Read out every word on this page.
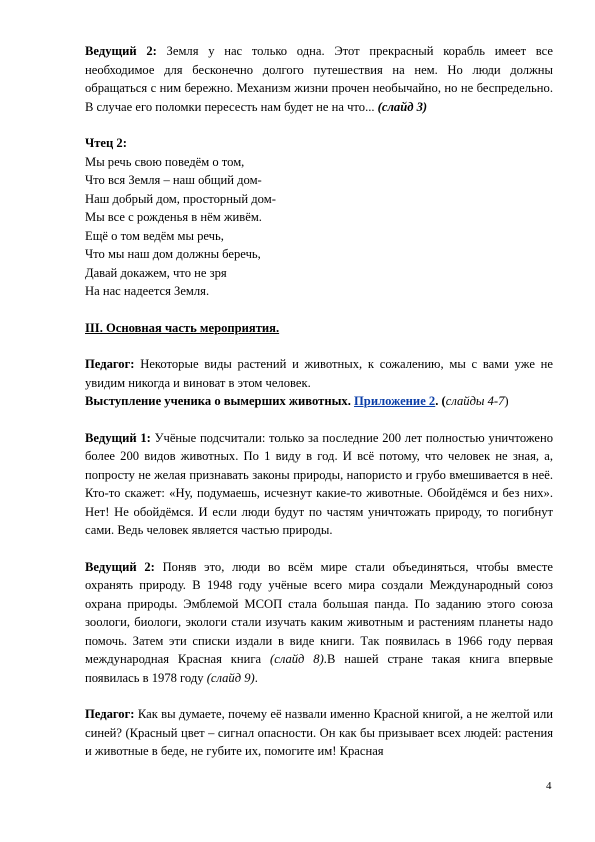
Ведущий 2: Земля у нас только одна. Этот прекрасный корабль имеет все необходимое для бесконечно долгого путешествия на нем. Но люди должны обращаться с ним бережно. Механизм жизни прочен необычайно, но не беспредельно. В случае его поломки пересесть нам будет не на что... (слайд 3)

Чтец 2:
Мы речь свою поведём о том,
Что вся Земля – наш общий дом-
Наш добрый дом, просторный дом-
Мы все с рожденья в нём живём.
Ещё о том ведём мы речь,
Что мы наш дом должны беречь,
Давай докажем, что не зря
На нас надеется Земля.

III. Основная часть мероприятия.

Педагог: Некоторые виды растений и животных, к сожалению, мы с вами уже не увидим никогда и виноват в этом человек.

Выступление ученика о вымерших животных. Приложение 2. (слайды 4-7)

Ведущий 1: Учёные подсчитали: только за последние 200 лет полностью уничтожено более 200 видов животных. По 1 виду в год. И всё потому, что человек не зная, а, попросту не желая признавать законы природы, напористо и грубо вмешивается в неё. Кто-то скажет: «Ну, подумаешь, исчезнут какие-то животные. Обойдёмся и без них». Нет! Не обойдёмся. И если люди будут по частям уничтожать природу, то погибнут сами. Ведь человек является частью природы.

Ведущий 2: Поняв это, люди во всём мире стали объединяться, чтобы вместе охранять природу. В 1948 году учёные всего мира создали Международный союз охрана природы. Эмблемой МСОП стала большая панда. По заданию этого союза зоологи, биологи, экологи стали изучать каким животным и растениям планеты надо помочь. Затем эти списки издали в виде книги. Так появилась в 1966 году первая международная Красная книга (слайд 8).В нашей стране такая книга впервые появилась в 1978 году (слайд 9).

Педагог: Как вы думаете, почему её назвали именно Красной книгой, а не желтой или синей? (Красный цвет – сигнал опасности. Он как бы призывает всех людей: растения и животные в беде, не губите их, помогите им! Красная

4
